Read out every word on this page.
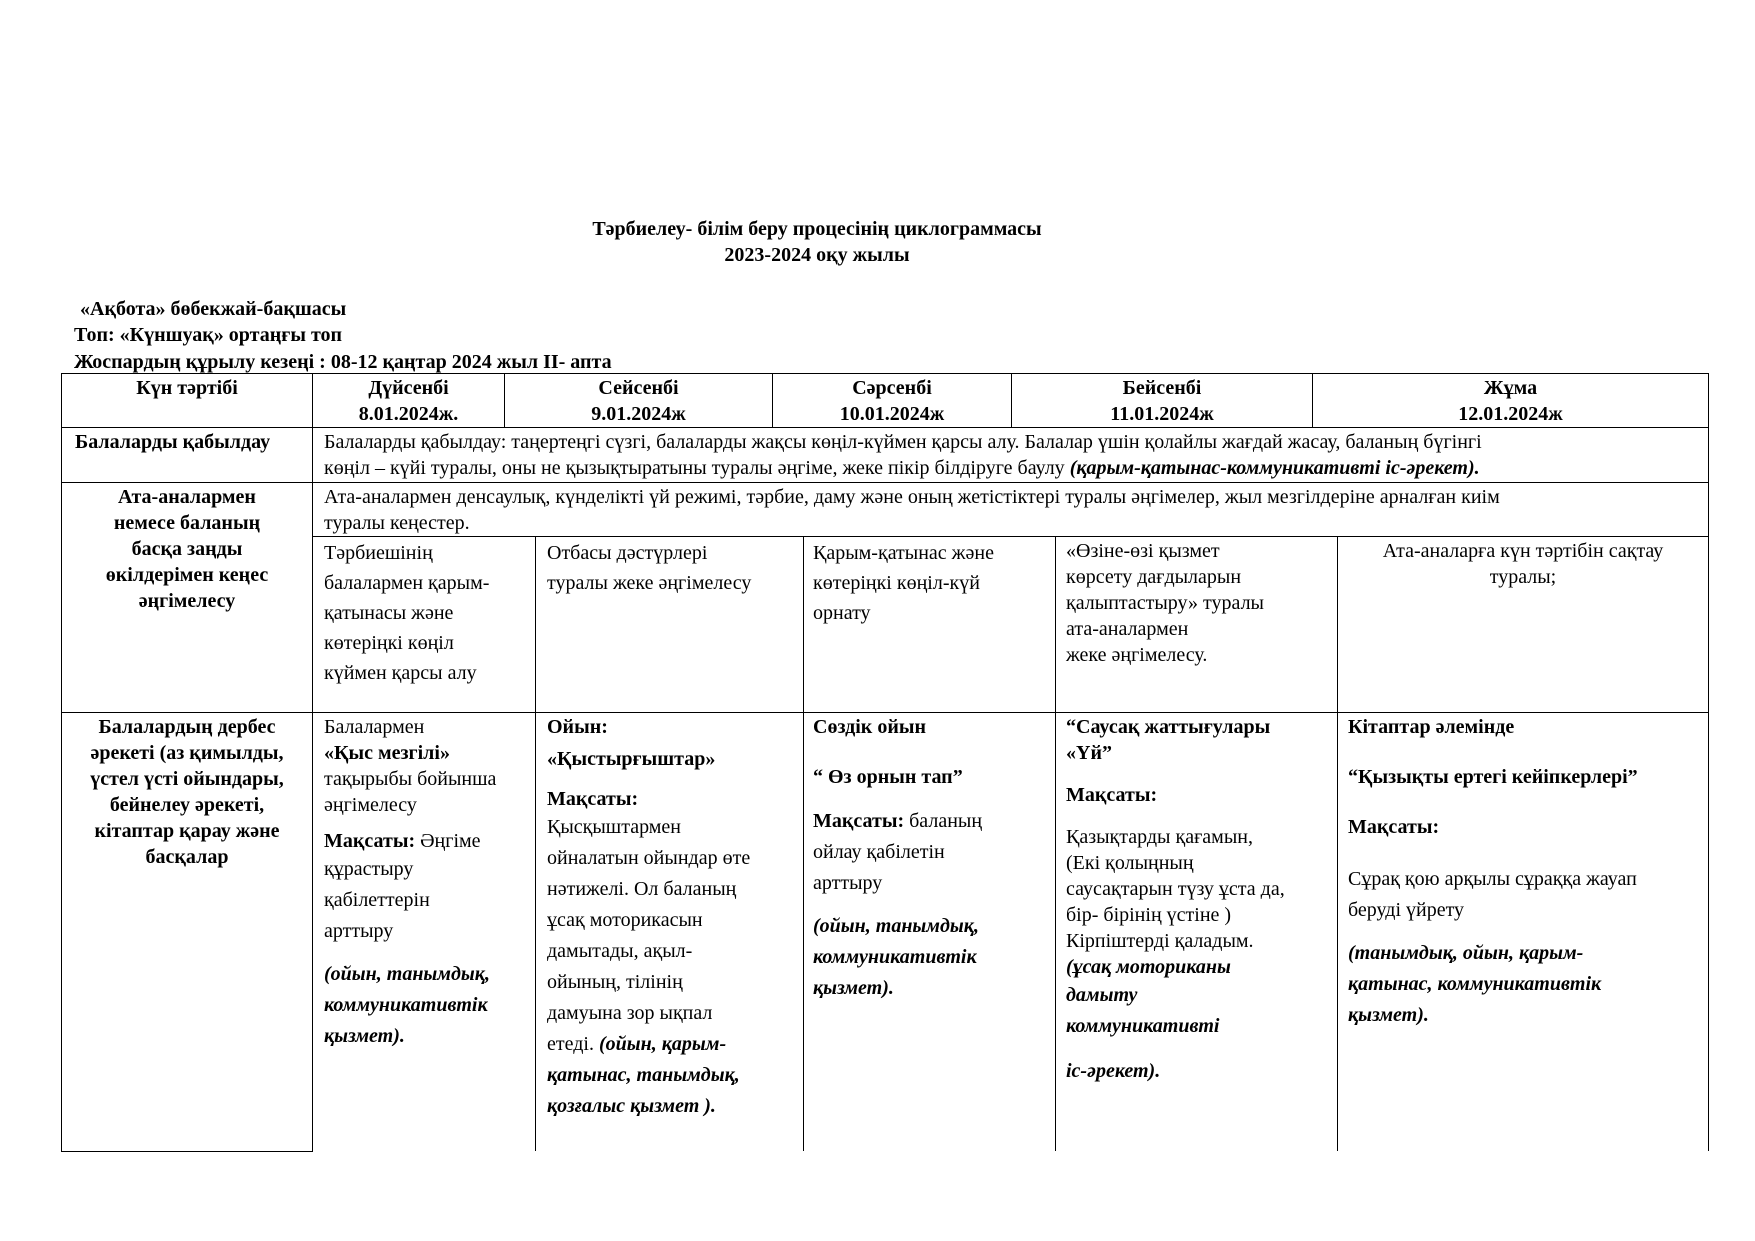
Тәрбиелеу- білім беру процесінің циклограммасы
2023-2024 оқу жылы
«Ақбота» бөбекжай-бақшасы
Топ: «Күншуақ» ортаңғы топ
Жоспардың құрылу кезеңі : 08-12 қаңтар 2024 жыл ІІ- апта
Күн тәртібі	Дүйсенбі
8.01.2024ж.
Сейсенбі
9.01.2024ж
Сәрсенбі
10.01.2024ж
Бейсенбі
11.01.2024ж
Жұма
12.01.2024ж
Балаларды қабылдау	Балаларды қабылдау: таңертеңгі сүзгі, балаларды жақсы көңіл-күймен қарсы алу. Балалар үшін қолайлы жағдай жасау, баланың бүгінгі
көңіл – күйі туралы, оны не қызықтыратыны туралы әңгіме, жеке пікір білдіруге баулу (қарым-қатынас-коммуникативті іс-әрекет).
Ата-аналармен
немесе баланың
басқа заңды
өкілдерімен кеңес
әңгімелесу
Ата-аналармен денсаулық, күнделікті үй режимі, тәрбие, даму және оның жетістіктері туралы әңгімелер, жыл мезгілдеріне арналған киім
туралы кеңестер.
Тәрбиешінің
балалармен қарым-
қатынасы және
көтеріңкі көңіл
күймен қарсы алу
Отбасы дәстүрлері
туралы жеке әңгімелесу
Қарым-қатынас және
көтеріңкі көңіл-күй
орнату
«Өзіне-өзі қызмет
көрсету дағдыларын
қалыптастыру» туралы
ата-аналармен
жеке әңгімелесу.
Ата-аналарға күн тәртібін сақтау
туралы;
Балалардың дербес
әрекеті (аз қимылды,
үстел үсті ойындары,
бейнелеу әрекеті,
кітаптар қарау және
басқалар
Балалармен
«Қыс мезгілі»
тақырыбы бойынша
әңгімелесу
Мақсаты: Әңгіме
құрастыру
қабілеттерін
арттыру
(ойын, танымдық,
коммуникативтік
қызмет).
Ойын:
«Қыстырғыштар»
Мақсаты:
Қысқыштармен
ойналатын ойындар өте
нәтижелі. Ол баланың
ұсақ моторикасын
дамытады, ақыл-
ойының, тілінің
дамуына зор ықпал
етеді. (ойын, қарым-
қатынас, танымдық,
қозғалыс қызмет ).
Сөздік ойын
“ Өз орнын тап”
Мақсаты: баланың
ойлау қабілетін
арттыру
(ойын, танымдық,
коммуникативтік
қызмет).
“Саусақ жаттығулары
«Үй”
Мақсаты:
Қазықтарды қағамын,
(Екі қолыңның
саусақтарын түзу ұста да,
бір- бірінің үстіне )
Кірпіштерді қаладым.
(ұсақ моториканы
дамыту
коммуникативті
іс-әрекет).
Кітаптар әлемінде
“Қызықты ертегі кейіпкерлері”
Мақсаты:
Сұрақ қою арқылы сұраққа жауап
беруді үйрету
(танымдық, ойын, қарым-
қатынас, коммуникативтік
қызмет).
